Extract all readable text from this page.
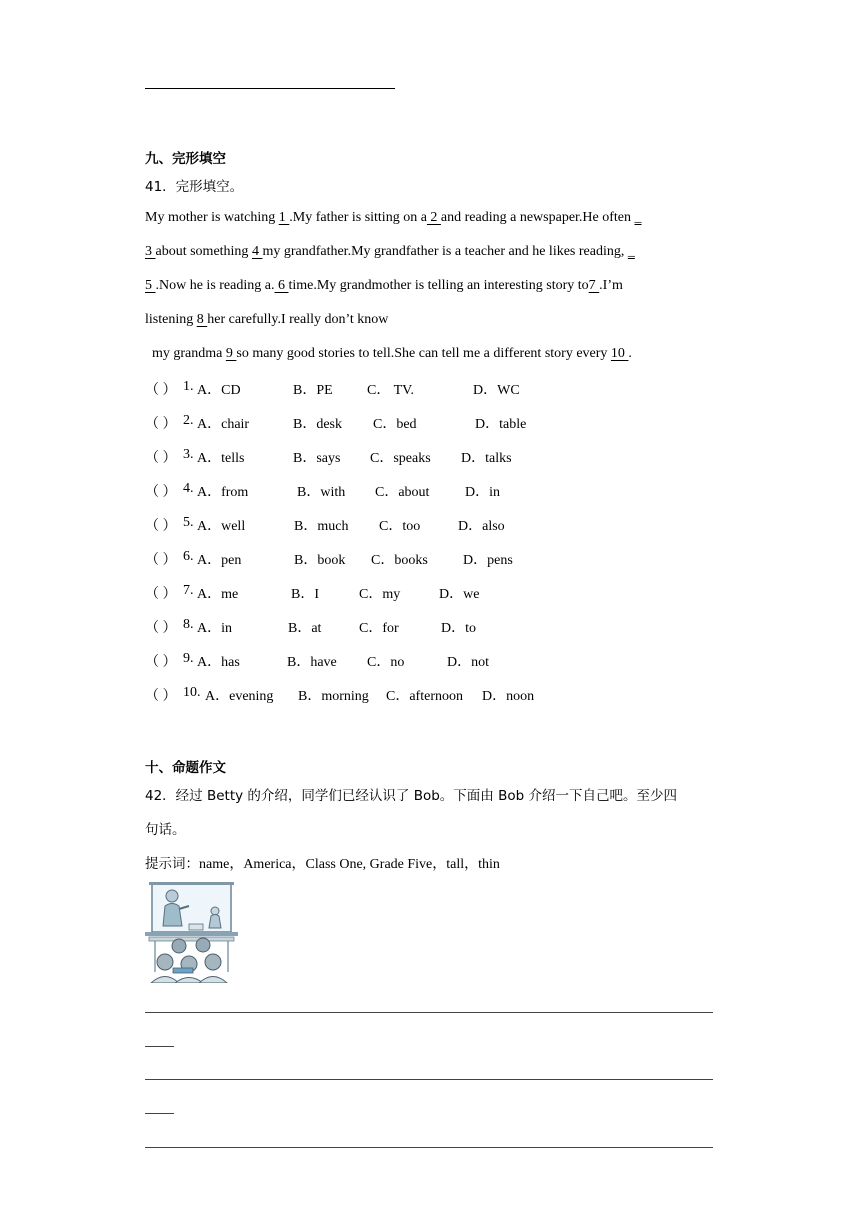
九、完形填空
41．完形填空。
My mother is watching 1 .My father is sitting on a 2 and reading a newspaper.He often _
3 about something 4 my grandfather.My grandfather is a teacher and he likes reading, _
5 .Now he is reading a. 6 time.My grandmother is telling an interesting story to7 .I’m
listening 8 her carefully.I really don’t know
my grandma 9 so many good stories to tell.She can tell me a different story every 10 .
（ ） 1. A．CD	B．PE C． TV.	D．WC
（ ） 2. A．chair	B．desk C．bed	D．table
（ ） 3. A．tells	B．says C．speaks D．talks
（ ） 4. A．from	B．with C．about	D．in
（ ） 5. A．well	B．much C．too	D．also
（ ） 6. A．pen	B．book C．books	D．pens
（ ） 7. A．me	B．I	C．my	D．we
（ ） 8. A．in	B．at	C．for	D．to
（ ） 9. A．has	B．have C．no	D．not
（ ） 10. A．evening B．morning C．afternoon D．noon
十、命题作文
42．经过 Betty 的介绍，同学们已经认识了 Bob。下面由 Bob 介绍一下自己吧。至少四
句话。
提示词：name，America，Class One, Grade Five，tall，thin
